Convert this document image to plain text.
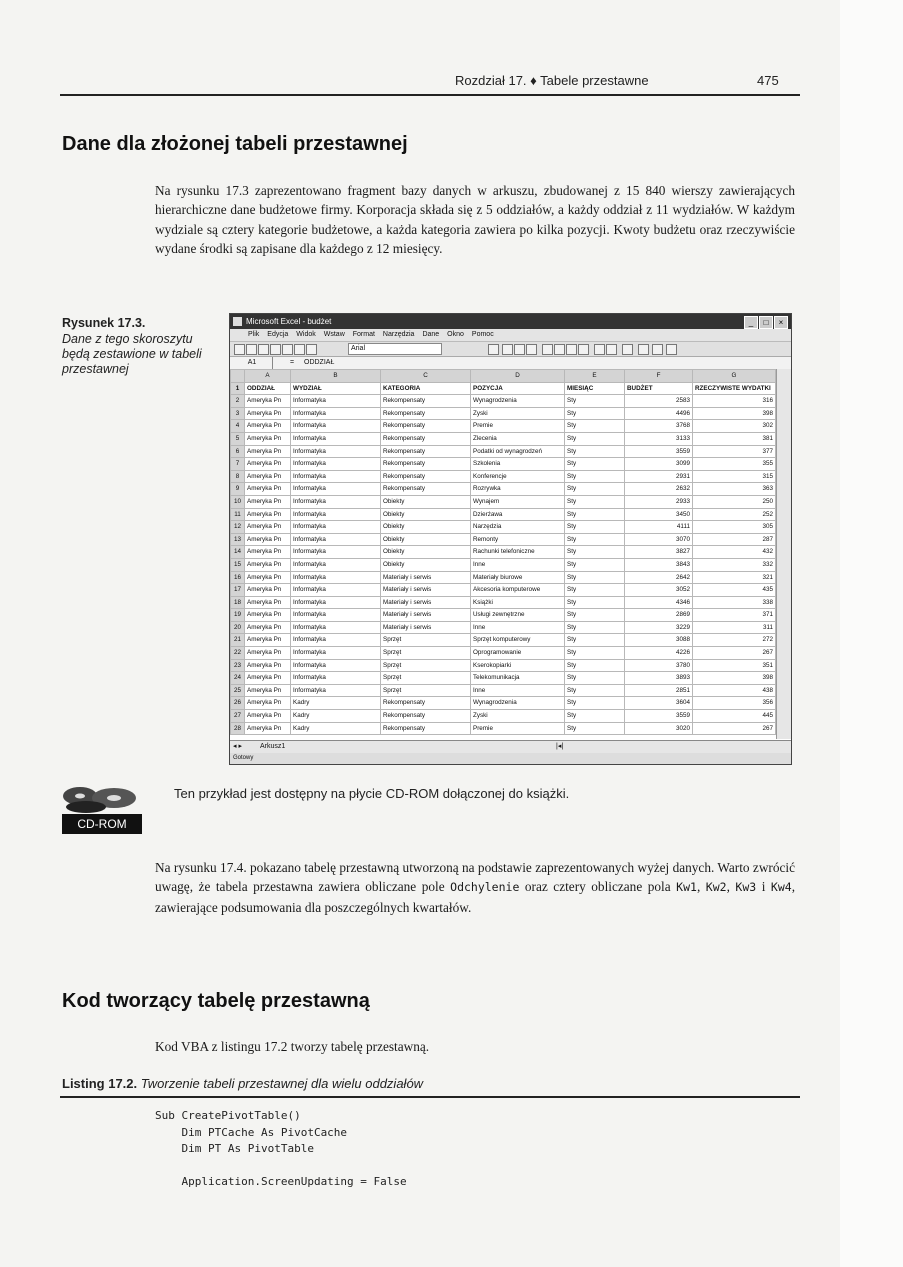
Rozdział 17. ♦ Tabele przestawne	475
Dane dla złożonej tabeli przestawnej

Na rysunku 17.3 zaprezentowano fragment bazy danych w arkuszu, zbudowanej z 15 840 wierszy zawierających hierarchiczne dane budżetowe firmy. Korporacja składa się z 5 oddziałów, a każdy oddział z 11 wydziałów. W każdym wydziale są cztery kategorie budżetowe, a każda kategoria zawiera po kilka pozycji. Kwoty budżetu oraz rzeczywiście wydane środki są zapisane dla każdego z 12 miesięcy.

Rysunek 17.3.
Dane z tego skoroszytu będą zestawione w tabeli przestawnej
Microsoft Excel - budżet	_	□	×
Plik Edycja Widok Wstaw Format Narzędzia Dane Okno Pomoc
Arial
A1	= ODDZIAŁ
	A	B	C	D	E	F	G
1	ODDZIAŁ	WYDZIAŁ	KATEGORIA	POZYCJA	MIESIĄC	BUDŻET	RZECZYWISTE WYDATKI
2	Ameryka Pn	Informatyka	Rekompensaty	Wynagrodzenia	Sty	2583	316
3	Ameryka Pn	Informatyka	Rekompensaty	Zyski	Sty	4496	398
4	Ameryka Pn	Informatyka	Rekompensaty	Premie	Sty	3768	302
5	Ameryka Pn	Informatyka	Rekompensaty	Zlecenia	Sty	3133	381
6	Ameryka Pn	Informatyka	Rekompensaty	Podatki od wynagrodzeń	Sty	3559	377
7	Ameryka Pn	Informatyka	Rekompensaty	Szkolenia	Sty	3099	355
8	Ameryka Pn	Informatyka	Rekompensaty	Konferencje	Sty	2931	315
9	Ameryka Pn	Informatyka	Rekompensaty	Rozrywka	Sty	2632	363
10	Ameryka Pn	Informatyka	Obiekty	Wynajem	Sty	2933	250
11	Ameryka Pn	Informatyka	Obiekty	Dzierżawa	Sty	3450	252
12	Ameryka Pn	Informatyka	Obiekty	Narzędzia	Sty	4111	305
13	Ameryka Pn	Informatyka	Obiekty	Remonty	Sty	3070	287
14	Ameryka Pn	Informatyka	Obiekty	Rachunki telefoniczne	Sty	3827	432
15	Ameryka Pn	Informatyka	Obiekty	Inne	Sty	3843	332
16	Ameryka Pn	Informatyka	Materiały i serwis	Materiały biurowe	Sty	2642	321
17	Ameryka Pn	Informatyka	Materiały i serwis	Akcesoria komputerowe	Sty	3052	435
18	Ameryka Pn	Informatyka	Materiały i serwis	Książki	Sty	4346	338
19	Ameryka Pn	Informatyka	Materiały i serwis	Usługi zewnętrzne	Sty	2869	371
20	Ameryka Pn	Informatyka	Materiały i serwis	Inne	Sty	3229	311
21	Ameryka Pn	Informatyka	Sprzęt	Sprzęt komputerowy	Sty	3088	272
22	Ameryka Pn	Informatyka	Sprzęt	Oprogramowanie	Sty	4226	267
23	Ameryka Pn	Informatyka	Sprzęt	Kserokopiarki	Sty	3780	351
24	Ameryka Pn	Informatyka	Sprzęt	Telekomunikacja	Sty	3893	398
25	Ameryka Pn	Informatyka	Sprzęt	Inne	Sty	2851	438
26	Ameryka Pn	Kadry	Rekompensaty	Wynagrodzenia	Sty	3604	356
27	Ameryka Pn	Kadry	Rekompensaty	Zyski	Sty	3559	445
28	Ameryka Pn	Kadry	Rekompensaty	Premie	Sty	3020	267
◂ ▸	Arkusz1	|◂|
Gotowy
CD-ROM
Ten przykład jest dostępny na płycie CD-ROM dołączonej do książki.

Na rysunku 17.4. pokazano tabelę przestawną utworzoną na podstawie zaprezentowanych wyżej danych. Warto zwrócić uwagę, że tabela przestawna zawiera obliczane pole Odchylenie oraz cztery obliczane pola Kw1, Kw2, Kw3 i Kw4, zawierające podsumowania dla poszczególnych kwartałów.

Kod tworzący tabelę przestawną

Kod VBA z listingu 17.2 tworzy tabelę przestawną.

Listing 17.2. Tworzenie tabeli przestawnej dla wielu oddziałów
Sub CreatePivotTable()
Dim PTCache As PivotCache
Dim PT As PivotTable

Application.ScreenUpdating = False
